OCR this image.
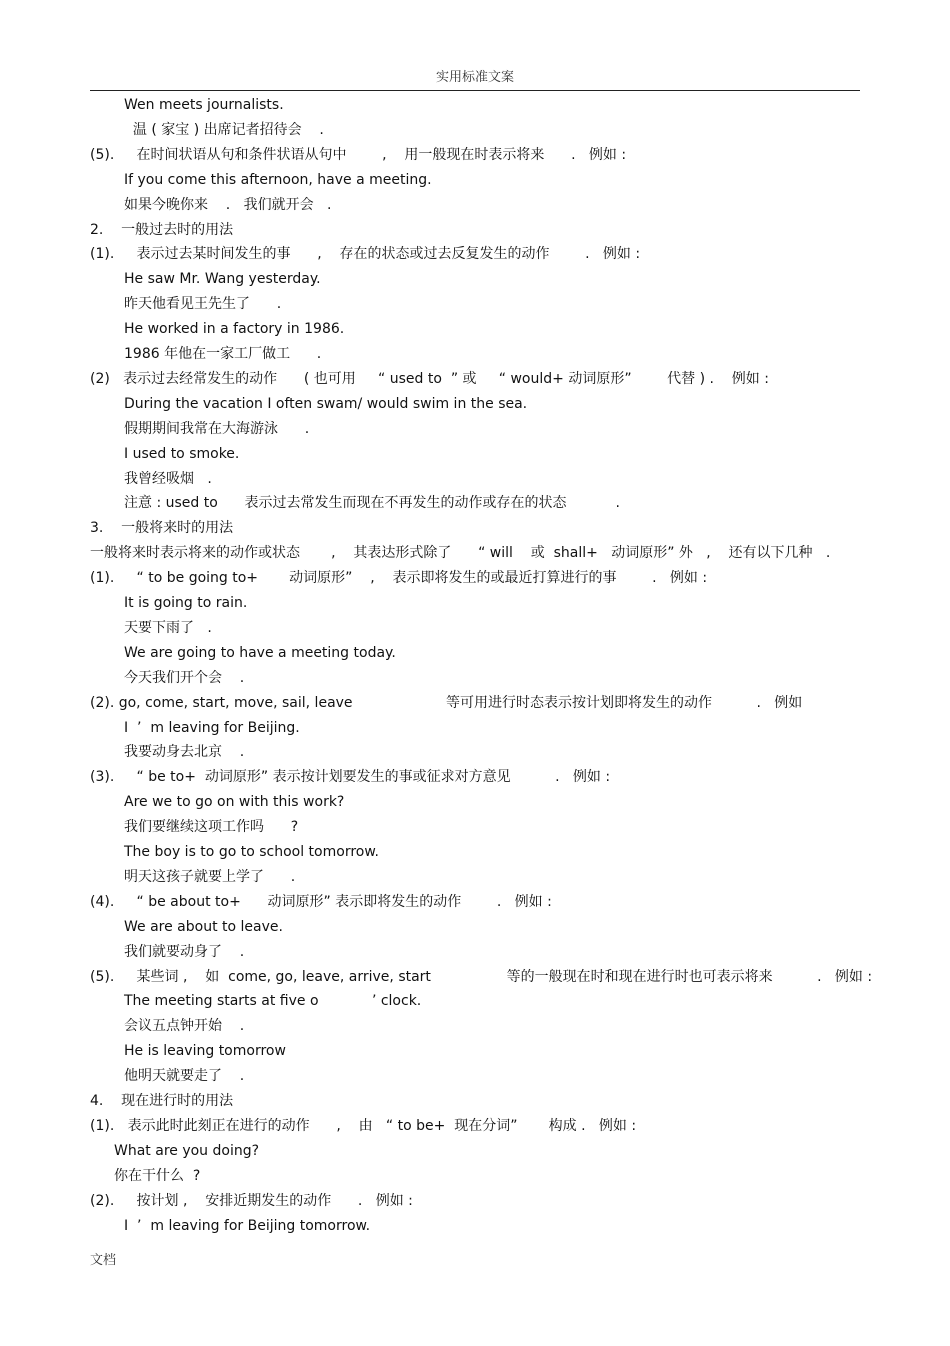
实用标准文案
Wen meets journalists.
温 ( 家宝 ) 出席记者招待会    .
(5).     在时间状语从句和条件状语从句中        ,    用一般现在时表示将来      .   例如 :
If you come this afternoon, have a meeting.
如果今晚你来    .   我们就开会   .
2.    一般过去时的用法
(1).     表示过去某时间发生的事      ,    存在的状态或过去反复发生的动作        .   例如 :
He saw Mr. Wang yesterday.
昨天他看见王先生了      .
He worked in a factory in 1986.
1986 年他在一家工厂做工      .
(2)   表示过去经常发生的动作      ( 也可用     “ used to  ” 或     “ would+ 动词原形”        代替 ) .    例如 :
During the vacation I often swam/ would swim in the sea.
假期期间我常在大海游泳      .
I used to smoke.
我曾经吸烟   .
注意 : used to      表示过去常发生而现在不再发生的动作或存在的状态           .
3.    一般将来时的用法
一般将来时表示将来的动作或状态       ,    其表达形式除了      “ will    或  shall+   动词原形” 外   ,    还有以下几种   .
(1).     “ to be going to+       动词原形”    ,    表示即将发生的或最近打算进行的事        .   例如 :
It is going to rain.
天要下雨了   .
We are going to have a meeting today.
今天我们开个会    .
(2). go, come, start, move, sail, leave                     等可用进行时态表示按计划即将发生的动作          .   例如
I  ’  m leaving for Beijing.
我要动身去北京    .
(3).     “ be to+  动词原形” 表示按计划要发生的事或征求对方意见          .   例如 :
Are we to go on with this work?
我们要继续这项工作吗      ?
The boy is to go to school tomorrow.
明天这孩子就要上学了      .
(4).     “ be about to+      动词原形” 表示即将发生的动作        .   例如 :
We are about to leave.
我们就要动身了    .
(5).     某些词 ,    如  come, go, leave, arrive, start                 等的一般现在时和现在进行时也可表示将来          .   例如 :
The meeting starts at five o            ’ clock.
会议五点钟开始    .
He is leaving tomorrow
他明天就要走了    .
4.    现在进行时的用法
(1).   表示此时此刻正在进行的动作      ,    由   “ to be+  现在分词”       构成 .   例如 :
What are you doing?
你在干什么  ?
(2).     按计划 ,    安排近期发生的动作      .   例如 :
I  ’  m leaving for Beijing tomorrow.
文档
